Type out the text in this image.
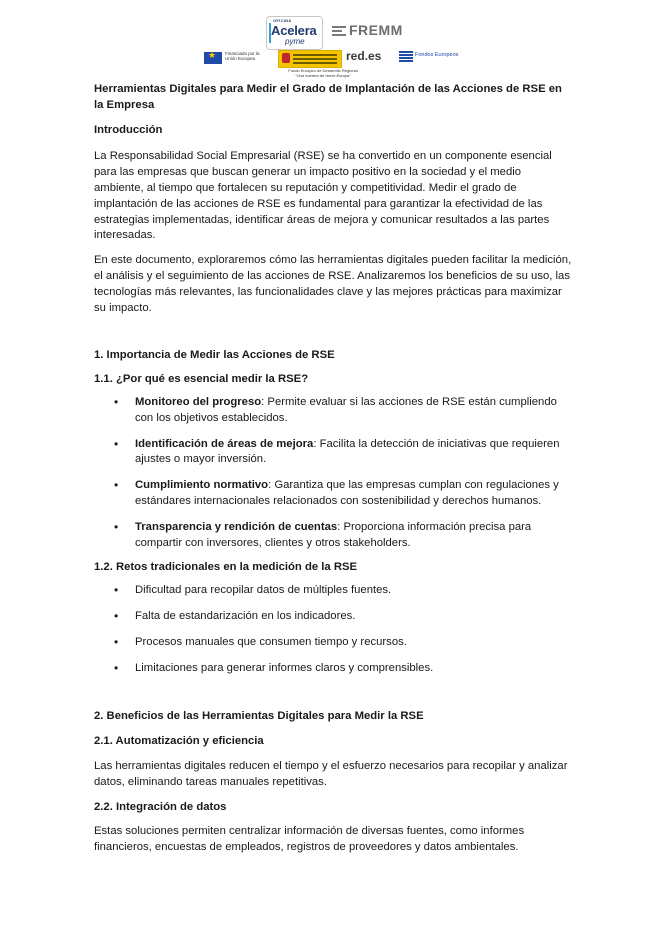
OFICINA
Acelera
pyme
FREMM
★
Financiado por la Unión Europea	red.es	Fondos Europeos
Fondo Europeo de Desarrollo Regional
"Una manera de hacer Europa"

Herramientas Digitales para Medir el Grado de Implantación de las Acciones de RSE en la Empresa

Introducción

La Responsabilidad Social Empresarial (RSE) se ha convertido en un componente esencial para las empresas que buscan generar un impacto positivo en la sociedad y el medio ambiente, al tiempo que fortalecen su reputación y competitividad. Medir el grado de implantación de las acciones de RSE es fundamental para garantizar la efectividad de las estrategias implementadas, identificar áreas de mejora y comunicar resultados a las partes interesadas.

En este documento, exploraremos cómo las herramientas digitales pueden facilitar la medición, el análisis y el seguimiento de las acciones de RSE. Analizaremos los beneficios de su uso, las tecnologías más relevantes, las funcionalidades clave y las mejores prácticas para maximizar su impacto.

1. Importancia de Medir las Acciones de RSE

1.1. ¿Por qué es esencial medir la RSE?

• Monitoreo del progreso: Permite evaluar si las acciones de RSE están cumpliendo con los objetivos establecidos.
• Identificación de áreas de mejora: Facilita la detección de iniciativas que requieren ajustes o mayor inversión.
• Cumplimiento normativo: Garantiza que las empresas cumplan con regulaciones y estándares internacionales relacionados con sostenibilidad y derechos humanos.
• Transparencia y rendición de cuentas: Proporciona información precisa para compartir con inversores, clientes y otros stakeholders.

1.2. Retos tradicionales en la medición de la RSE

• Dificultad para recopilar datos de múltiples fuentes.
• Falta de estandarización en los indicadores.
• Procesos manuales que consumen tiempo y recursos.
• Limitaciones para generar informes claros y comprensibles.

2. Beneficios de las Herramientas Digitales para Medir la RSE

2.1. Automatización y eficiencia

Las herramientas digitales reducen el tiempo y el esfuerzo necesarios para recopilar y analizar datos, eliminando tareas manuales repetitivas.

2.2. Integración de datos

Estas soluciones permiten centralizar información de diversas fuentes, como informes financieros, encuestas de empleados, registros de proveedores y datos ambientales.
